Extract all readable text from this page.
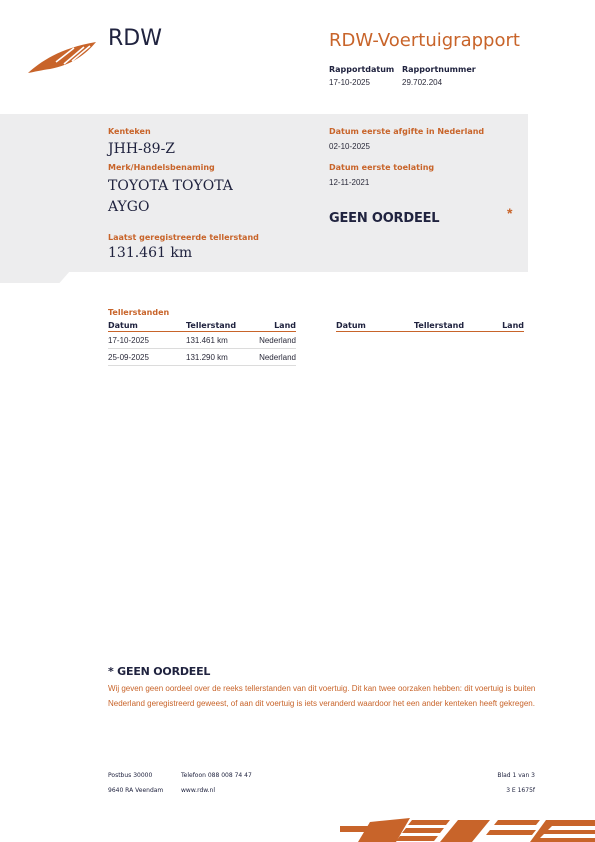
RDW	RDW-Voertuigrapport
Rapportdatum
17-10-2025
Rapportnummer
29.702.204
Kenteken
JHH-89-Z
Merk/Handelsbenaming
TOYOTA TOYOTA
AYGO
Laatst geregistreerde tellerstand
131.461 km
Datum eerste afgifte in Nederland
02-10-2025
Datum eerste toelating
12-11-2021
GEEN OORDEEL	*
Tellerstanden
Datum	Tellerstand	Land
17-10-2025	131.461 km	Nederland
25-09-2025	131.290 km	Nederland
Datum	Tellerstand	Land
* GEEN OORDEEL
Wij geven geen oordeel over de reeks tellerstanden van dit voertuig. Dit kan twee oorzaken hebben: dit voertuig is buiten Nederland geregistreerd geweest, of aan dit voertuig is iets veranderd waardoor het een ander kenteken heeft gekregen.
Postbus 30000
9640 RA Veendam
Telefoon 088 008 74 47
www.rdw.nl
Blad 1 van 3
3 E 1675f
